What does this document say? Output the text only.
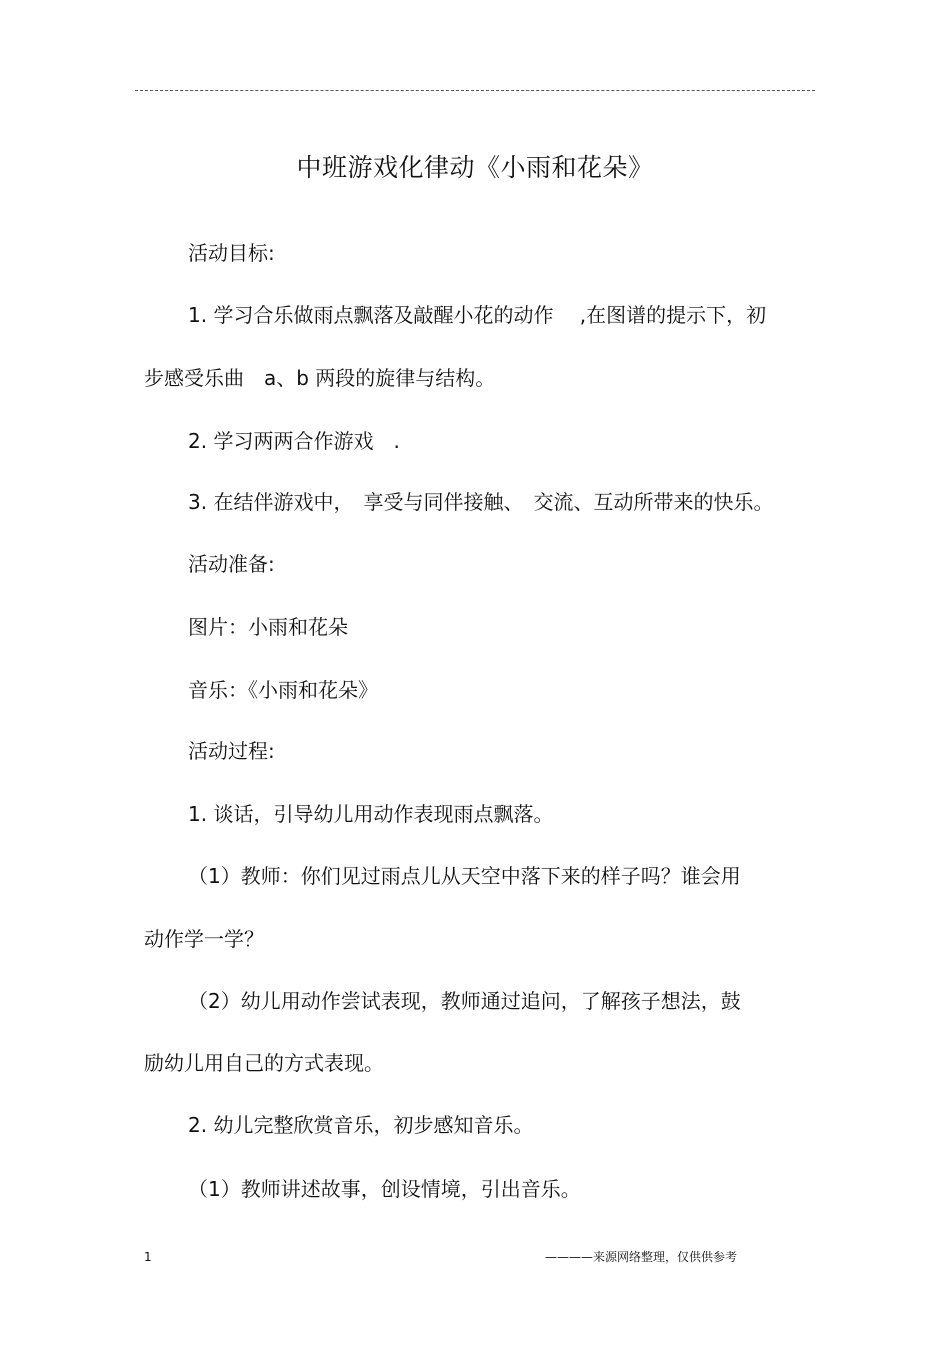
中班游戏化律动《小雨和花朵》
活动目标:
1. 学习合乐做雨点飘落及敲醒小花的动作　 ,在图谱的提示下，初
步感受乐曲　a、b 两段的旋律与结构。
2. 学习两两合作游戏　.
3. 在结伴游戏中，　享受与同伴接触、　交流、互动所带来的快乐。
活动准备:
图片：小雨和花朵
音乐：《小雨和花朵》
活动过程:
1. 谈话，引导幼儿用动作表现雨点飘落。
（1）教师：你们见过雨点儿从天空中落下来的样子吗？谁会用
动作学一学？
（2）幼儿用动作尝试表现，教师通过追问，了解孩子想法，鼓
励幼儿用自己的方式表现。
2. 幼儿完整欣赏音乐，初步感知音乐。
（1）教师讲述故事，创设情境，引出音乐。
1	————来源网络整理，仅供供参考
